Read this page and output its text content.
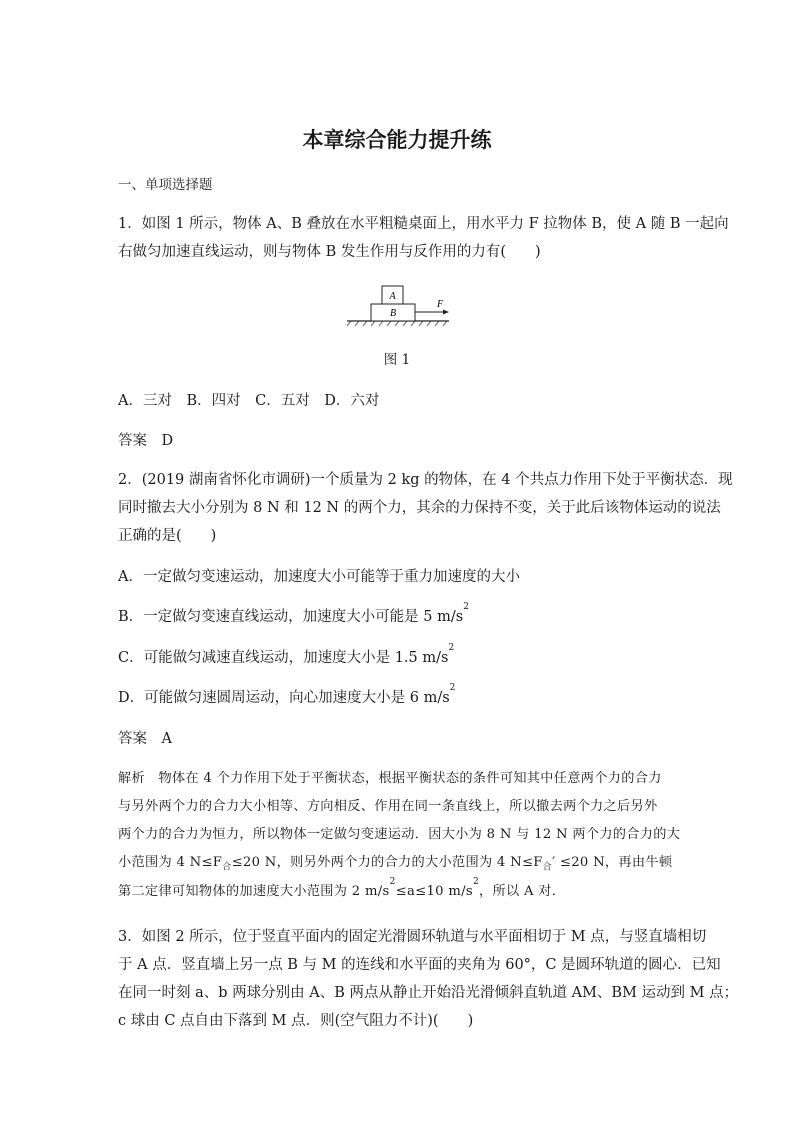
本章综合能力提升练
一、单项选择题
1．如图 1 所示，物体 A、B 叠放在水平粗糙桌面上，用水平力 F 拉物体 B，使 A 随 B 一起向
右做匀加速直线运动，则与物体 B 发生作用与反作用的力有(　　)
A
B
F
图 1
A．三对　B．四对　C．五对　D．六对
答案　D
2．(2019 湖南省怀化市调研)一个质量为 2 kg 的物体，在 4 个共点力作用下处于平衡状态．现
同时撤去大小分别为 8 N 和 12 N 的两个力，其余的力保持不变，关于此后该物体运动的说法
正确的是(　　)
A．一定做匀变速运动，加速度大小可能等于重力加速度的大小
B．一定做匀变速直线运动，加速度大小可能是 5 $m/s^2$
C．可能做匀减速直线运动，加速度大小是 1.5 $m/s^2$
D．可能做匀速圆周运动，向心加速度大小是 6 $m/s^2$
答案　A
解析　物体在 4 个力作用下处于平衡状态，根据平衡状态的条件可知其中任意两个力的合力
与另外两个力的合力大小相等、方向相反、作用在同一条直线上，所以撤去两个力之后另外
两个力的合力为恒力，所以物体一定做匀变速运动．因大小为 8 N 与 12 N 两个力的合力的大
小范围为 4 $N\le F_合\le 20$ N，则另外两个力的合力的大小范围为 4 $N\le F_合' \le 20$ N，再由牛顿
第二定律可知物体的加速度大小范围为 2 $m/s^2\le a\le 10$ $m/s^2$，所以 A 对．
3．如图 2 所示，位于竖直平面内的固定光滑圆环轨道与水平面相切于 M 点，与竖直墙相切
于 A 点．竖直墙上另一点 B 与 M 的连线和水平面的夹角为 60°，C 是圆环轨道的圆心．已知
在同一时刻 a、b 两球分别由 A、B 两点从静止开始沿光滑倾斜直轨道 AM、BM 运动到 M 点；
c 球由 C 点自由下落到 M 点．则(空气阻力不计)(　　)
